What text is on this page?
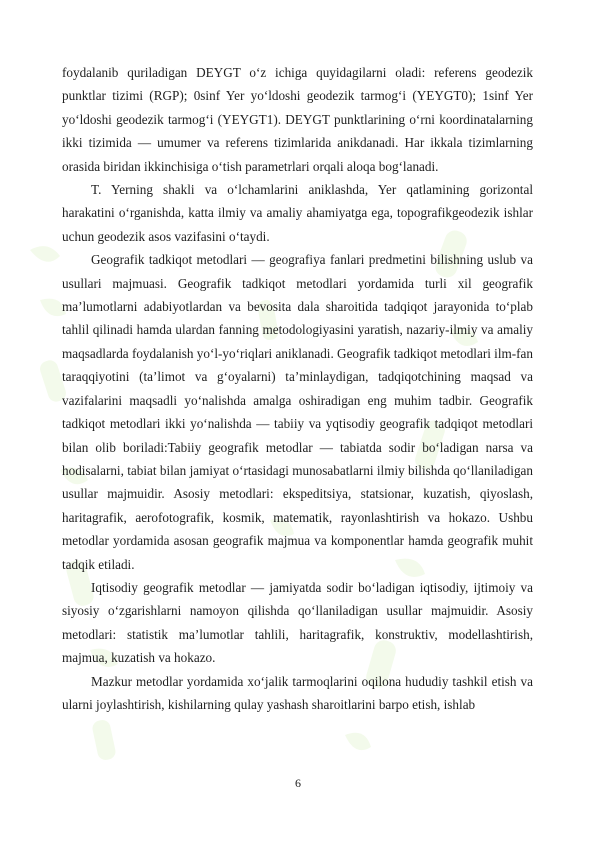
foydalanib quriladigan DEYGT o‘z ichiga quyidagilarni oladi: referens geodezik punktlar tizimi (RGP); 0sinf Yer yo‘ldoshi geodezik tarmog‘i (YEYGT0); 1sinf Yer yo‘ldoshi geodezik tarmog‘i (YEYGT1). DEYGT punktlarining o‘rni koordinatalarning ikki tizimida — umumer va referens tizimlarida anikdanadi. Har ikkala tizimlarning orasida biridan ikkinchisiga o‘tish parametrlari orqali aloqa bog‘lanadi.

T. Yerning shakli va o‘lchamlarini aniklashda, Yer qatlamining gorizontal harakatini o‘rganishda, katta ilmiy va amaliy ahamiyatga ega, topografikgeodezik ishlar uchun geodezik asos vazifasini o‘taydi.

Geografik tadkiqot metodlari — geografiya fanlari predmetini bilishning uslub va usullari majmuasi. Geografik tadkiqot metodlari yordamida turli xil geografik ma’lumotlarni adabiyotlardan va bevosita dala sharoitida tadqiqot jarayonida to‘plab tahlil qilinadi hamda ulardan fanning metodologiyasini yaratish, nazariy-ilmiy va amaliy maqsadlarda foydalanish yo‘l-yo‘riqlari aniklanadi. Geografik tadkiqot metodlari ilm-fan taraqqiyotini (ta’limot va g‘oyalarni) ta’minlaydigan, tadqiqotchining maqsad va vazifalarini maqsadli yo‘nalishda amalga oshiradigan eng muhim tadbir. Geografik tadkiqot metodlari ikki yo‘nalishda — tabiiy va yqtisodiy geografik tadqiqot metodlari bilan olib boriladi:Tabiiy geografik metodlar — tabiatda sodir bo‘ladigan narsa va hodisalarni, tabiat bilan jamiyat o‘rtasidagi munosabatlarni ilmiy bilishda qo‘llaniladigan usullar majmuidir. Asosiy metodlari: ekspeditsiya, statsionar, kuzatish, qiyoslash, haritagrafik, aerofotografik, kosmik, matematik, rayonlashtirish va hokazo. Ushbu metodlar yordamida asosan geografik majmua va komponentlar hamda geografik muhit tadqik etiladi.

Iqtisodiy geografik metodlar — jamiyatda sodir bo‘ladigan iqtisodiy, ijtimoiy va siyosiy o‘zgarishlarni namoyon qilishda qo‘llaniladigan usullar majmuidir. Asosiy metodlari: statistik ma’lumotlar tahlili, haritagrafik, konstruktiv, modellashtirish, majmua, kuzatish va hokazo.

Mazkur metodlar yordamida xo‘jalik tarmoqlarini oqilona hududiy tashkil etish va ularni joylashtirish, kishilarning qulay yashash sharoitlarini barpo etish, ishlab

6
